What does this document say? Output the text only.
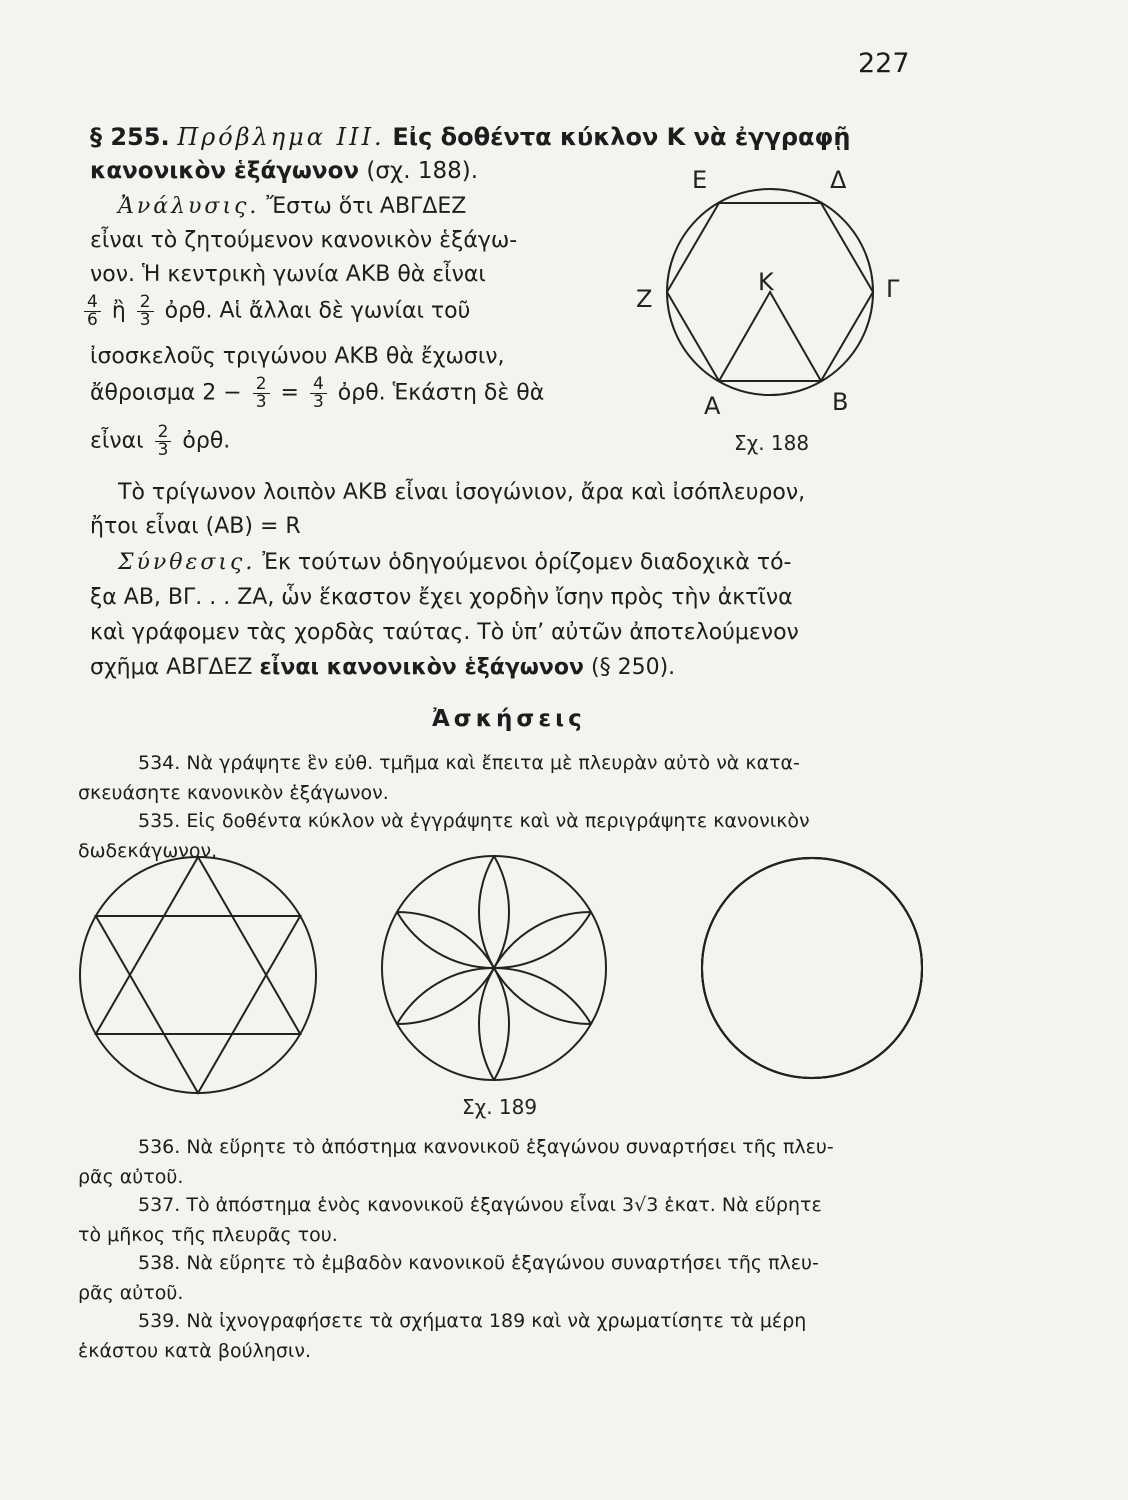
227
§ 255. Πρόβλημα III. Εἰς δοθέντα κύκλον Κ νὰ ἐγγραφῇ
κανονικὸν ἑξάγωνον (σχ. 188).
Ἀνάλυσις. Ἔστω ὅτι ΑΒΓΔΕΖ
εἶναι τὸ ζητούμενον κανονικὸν ἑξάγω-
νον. Ἡ κεντρικὴ γωνία ΑΚΒ θὰ εἶναι
$\frac{4}{6}$ ἢ $\frac{2}{3}$ ὀρθ. Αἱ ἄλλαι δὲ γωνίαι τοῦ
ἰσοσκελοῦς τριγώνου ΑΚΒ θὰ ἔχωσιν,
ἄθροισμα $2 - \frac{2}{3} = \frac{4}{3}$ ὀρθ. Ἑκάστη δὲ θὰ
εἶναι $\frac{2}{3}$ ὀρθ.
Τὸ τρίγωνον λοιπὸν ΑΚΒ εἶναι ἰσογώνιον, ἄρα καὶ ἰσόπλευρον,
ἤτοι εἶναι (ΑΒ) = R
Σύνθεσις. Ἐκ τούτων ὁδηγούμενοι ὁρίζομεν διαδοχικὰ τό-
ξα ΑΒ, ΒΓ. . . ΖΑ, ὧν ἕκαστον ἔχει χορδὴν ἴσην πρὸς τὴν ἀκτῖνα
καὶ γράφομεν τὰς χορδὰς ταύτας. Τὸ ὑπ’ αὐτῶν ἀποτελούμενον
σχῆμα ΑΒΓΔΕΖ εἶναι κανονικὸν ἑξάγωνον (§ 250).
Ε	Δ
Ζ	Γ
Κ
Α	Β
Σχ. 188
Ἀσκήσεις
534. Νὰ γράψητε ἓν εὐθ. τμῆμα καὶ ἔπειτα μὲ πλευρὰν αὐτὸ νὰ κατα-
σκευάσητε κανονικὸν ἑξάγωνον.
535. Εἰς δοθέντα κύκλον νὰ ἐγγράψητε καὶ νὰ περιγράψητε κανονικὸν
δωδεκάγωνον.
Σχ. 189
536. Νὰ εὕρητε τὸ ἀπόστημα κανονικοῦ ἑξαγώνου συναρτήσει τῆς πλευ-
ρᾶς αὐτοῦ.
537. Τὸ ἀπόστημα ἑνὸς κανονικοῦ ἑξαγώνου εἶναι 3√3 ἑκατ. Νὰ εὕρητε
τὸ μῆκος τῆς πλευρᾶς του.
538. Νὰ εὕρητε τὸ ἐμβαδὸν κανονικοῦ ἑξαγώνου συναρτήσει τῆς πλευ-
ρᾶς αὐτοῦ.
539. Νὰ ἰχνογραφήσετε τὰ σχήματα 189 καὶ νὰ χρωματίσητε τὰ μέρη
ἑκάστου κατὰ βούλησιν.
